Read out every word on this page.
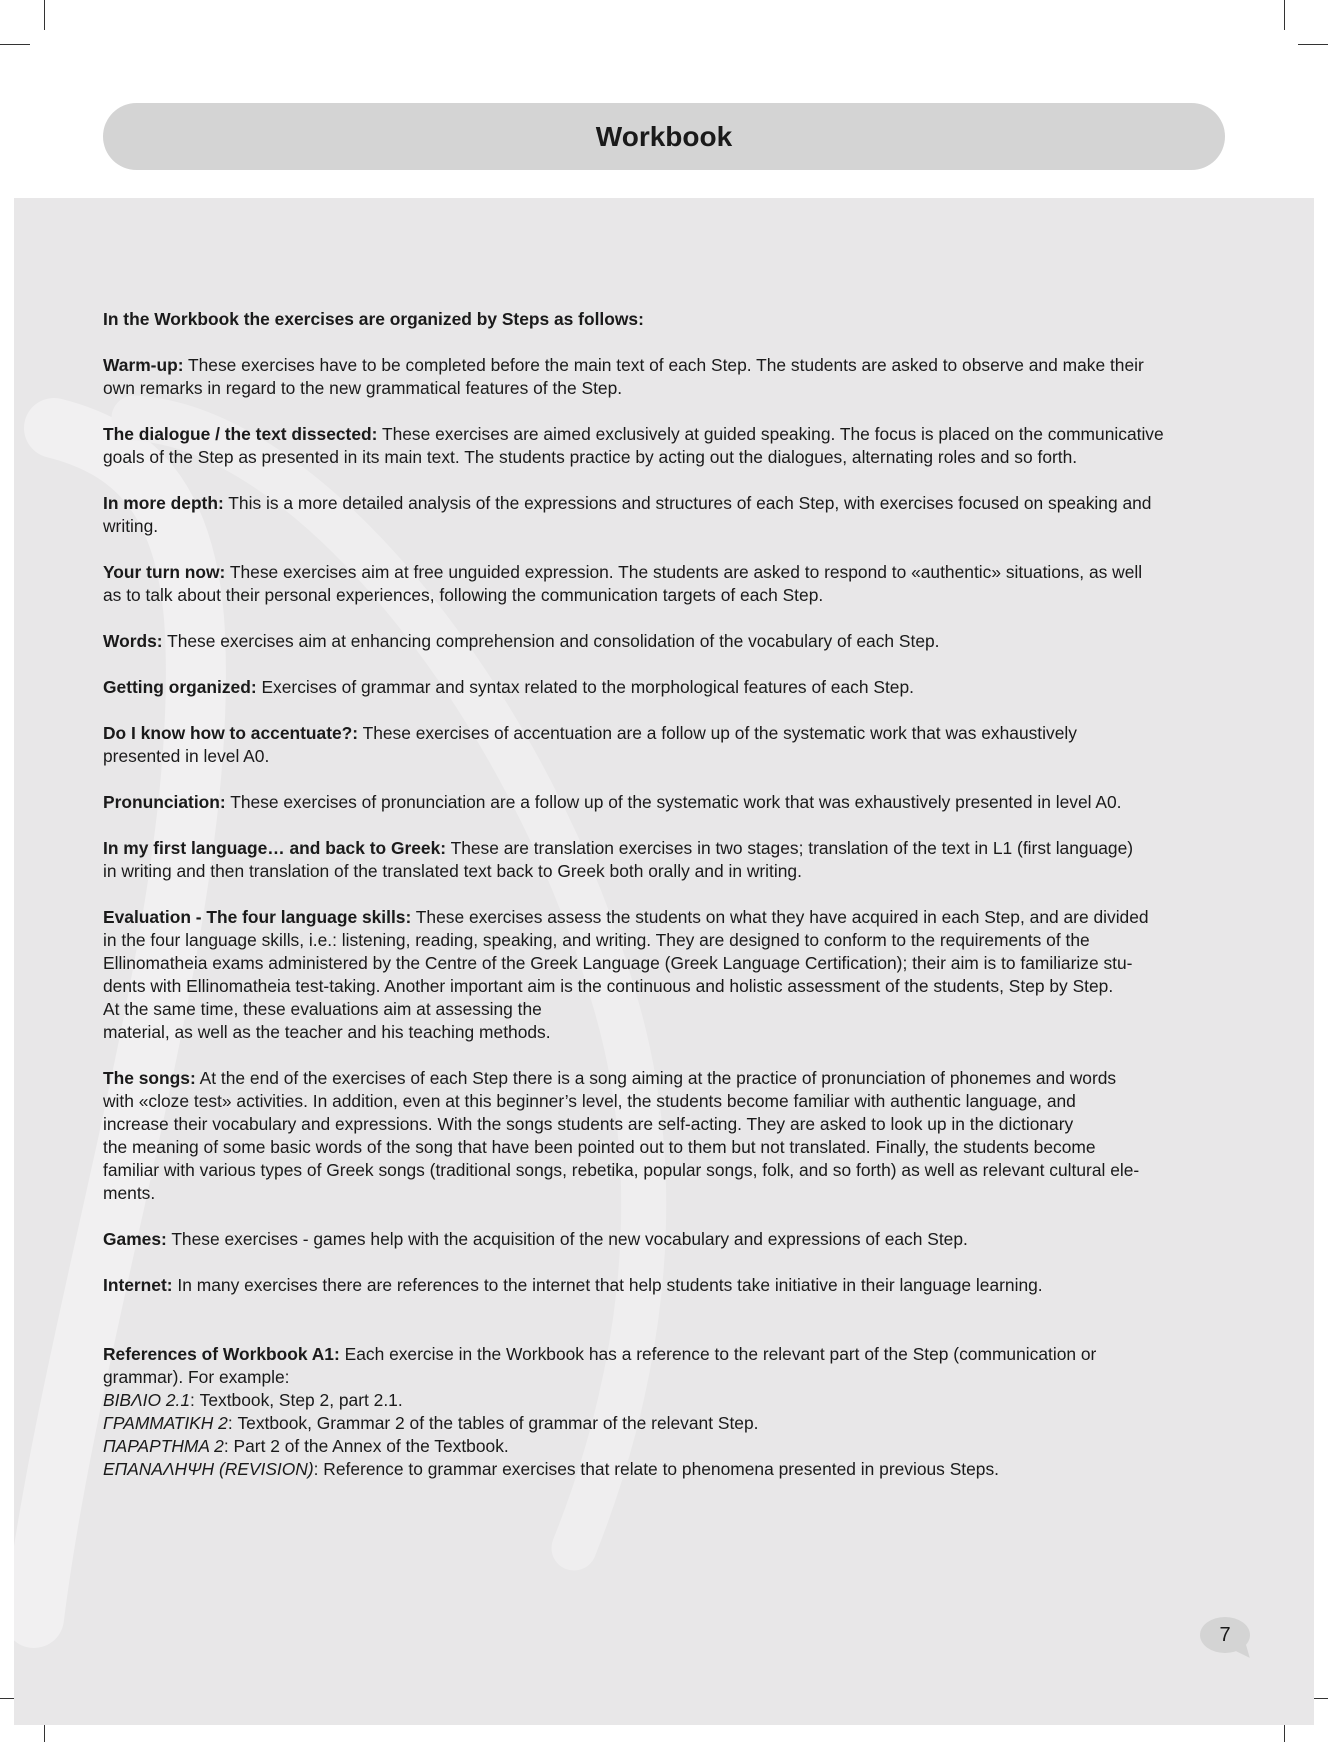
Workbook

In the Workbook the exercises are organized by Steps as follows:

Warm-up: These exercises have to be completed before the main text of each Step. The students are asked to observe and make their
own remarks in regard to the new grammatical features of the Step.

The dialogue / the text dissected: These exercises are aimed exclusively at guided speaking. The focus is placed on the communicative
goals of the Step as presented in its main text. The students practice by acting out the dialogues, alternating roles and so forth.

In more depth: This is a more detailed analysis of the expressions and structures of each Step, with exercises focused on speaking and
writing.

Your turn now: These exercises aim at free unguided expression. The students are asked to respond to «authentic» situations, as well
as to talk about their personal experiences, following the communication targets of each Step.

Words: These exercises aim at enhancing comprehension and consolidation of the vocabulary of each Step.

Getting organized: Exercises of grammar and syntax related to the morphological features of each Step.

Do I know how to accentuate?: These exercises of accentuation are a follow up of the systematic work that was exhaustively
presented in level A0.

Pronunciation: These exercises of pronunciation are a follow up of the systematic work that was exhaustively presented in level A0.

In my first language… and back to Greek: These are translation exercises in two stages; translation of the text in L1 (first language)
in writing and then translation of the translated text back to Greek both orally and in writing.

Evaluation - The four language skills: These exercises assess the students on what they have acquired in each Step, and are divided
in the four language skills, i.e.: listening, reading, speaking, and writing. They are designed to conform to the requirements of the
Ellinomatheia exams administered by the Centre of the Greek Language (Greek Language Certification); their aim is to familiarize stu-
dents with Ellinomatheia test-taking. Another important aim is the continuous and holistic assessment of the students, Step by Step.
At the same time, these evaluations aim at assessing the
material, as well as the teacher and his teaching methods.

The songs: At the end of the exercises of each Step there is a song aiming at the practice of pronunciation of phonemes and words
with «cloze test» activities. In addition, even at this beginner’s level, the students become familiar with authentic language, and
increase their vocabulary and expressions. With the songs students are self-acting. They are asked to look up in the dictionary
the meaning of some basic words of the song that have been pointed out to them but not translated. Finally, the students become
familiar with various types of Greek songs (traditional songs, rebetika, popular songs, folk, and so forth) as well as relevant cultural ele-
ments.

Games: These exercises - games help with the acquisition of the new vocabulary and expressions of each Step.

Internet: In many exercises there are references to the internet that help students take initiative in their language learning.

References of Workbook A1: Each exercise in the Workbook has a reference to the relevant part of the Step (communication or
grammar). For example:
ΒΙΒΛΙΟ 2.1: Textbook, Step 2, part 2.1.
ΓΡΑΜΜΑΤΙΚΗ 2: Textbook, Grammar 2 of the tables of grammar of the relevant Step.
ΠΑΡΑΡΤΗΜΑ 2: Part 2 of the Annex of the Textbook.
ΕΠΑΝΑΛΗΨΗ (REVISION): Reference to grammar exercises that relate to phenomena presented in previous Steps.

7
